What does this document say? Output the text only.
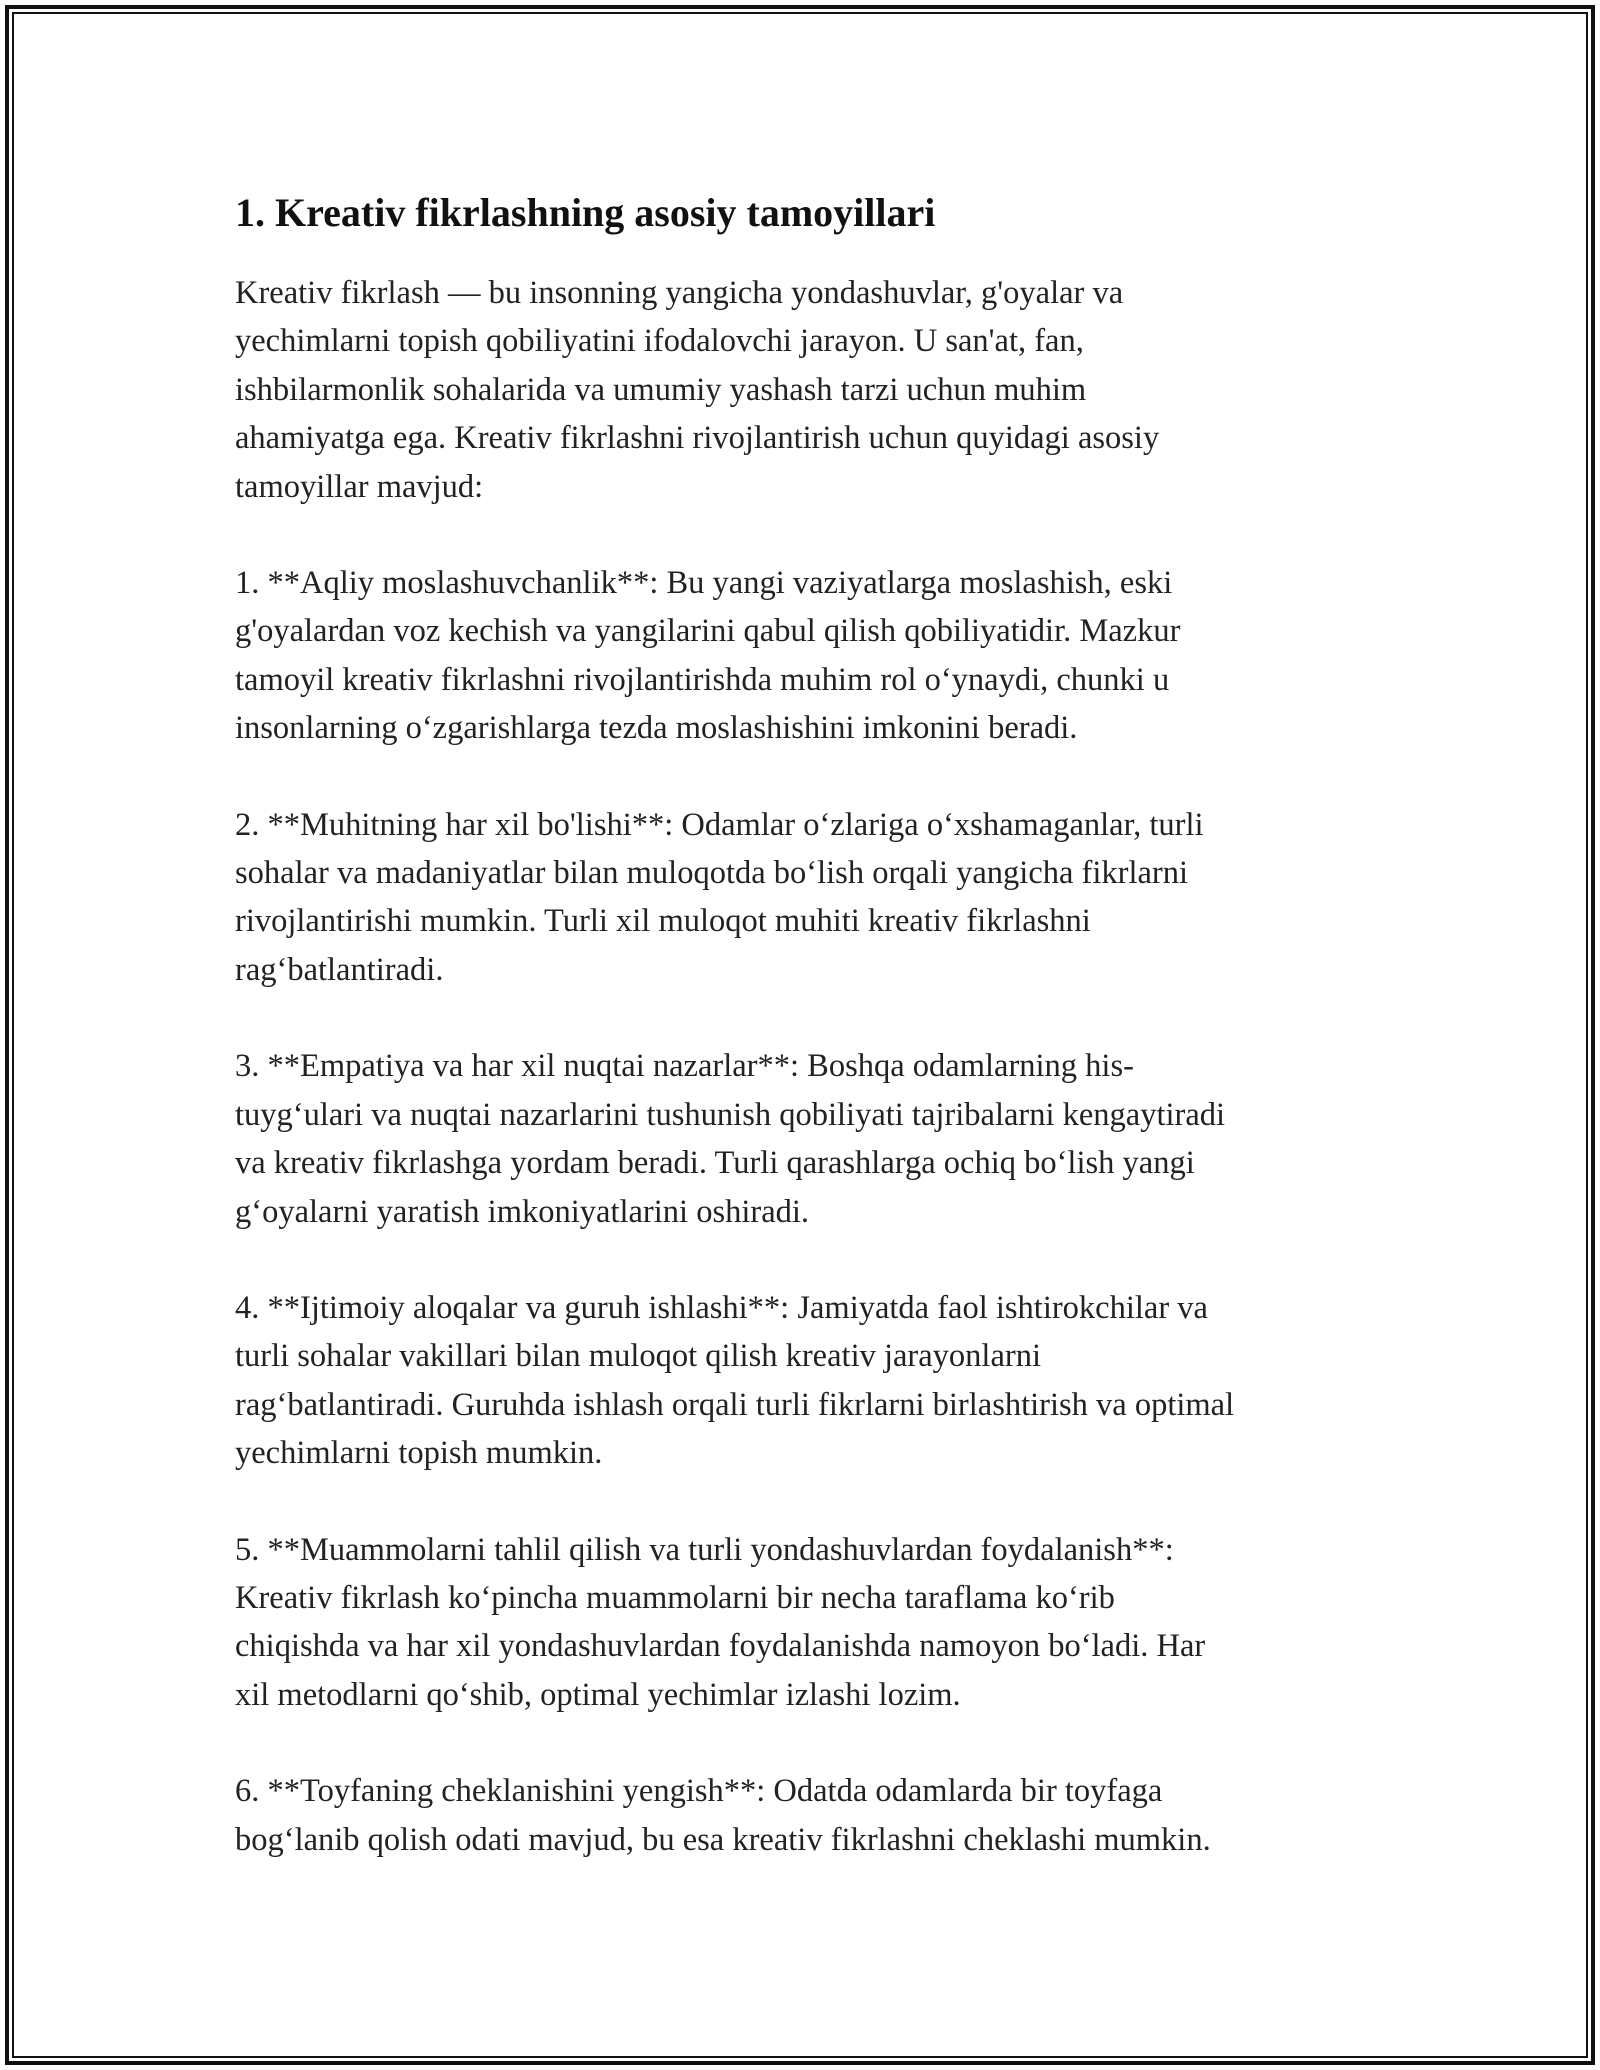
1. Kreativ fikrlashning asosiy tamoyillari

Kreativ fikrlash — bu insonning yangicha yondashuvlar, g'oyalar va
yechimlarni topish qobiliyatini ifodalovchi jarayon. U san'at, fan,
ishbilarmonlik sohalarida va umumiy yashash tarzi uchun muhim
ahamiyatga ega. Kreativ fikrlashni rivojlantirish uchun quyidagi asosiy
tamoyillar mavjud:

1. **Aqliy moslashuvchanlik**: Bu yangi vaziyatlarga moslashish, eski
g'oyalardan voz kechish va yangilarini qabul qilish qobiliyatidir. Mazkur
tamoyil kreativ fikrlashni rivojlantirishda muhim rol o‘ynaydi, chunki u
insonlarning o‘zgarishlarga tezda moslashishini imkonini beradi.

2. **Muhitning har xil bo'lishi**: Odamlar o‘zlariga o‘xshamaganlar, turli
sohalar va madaniyatlar bilan muloqotda bo‘lish orqali yangicha fikrlarni
rivojlantirishi mumkin. Turli xil muloqot muhiti kreativ fikrlashni
rag‘batlantiradi.

3. **Empatiya va har xil nuqtai nazarlar**: Boshqa odamlarning his-
tuyg‘ulari va nuqtai nazarlarini tushunish qobiliyati tajribalarni kengaytiradi
va kreativ fikrlashga yordam beradi. Turli qarashlarga ochiq bo‘lish yangi
g‘oyalarni yaratish imkoniyatlarini oshiradi.

4. **Ijtimoiy aloqalar va guruh ishlashi**: Jamiyatda faol ishtirokchilar va
turli sohalar vakillari bilan muloqot qilish kreativ jarayonlarni
rag‘batlantiradi. Guruhda ishlash orqali turli fikrlarni birlashtirish va optimal
yechimlarni topish mumkin.

5. **Muammolarni tahlil qilish va turli yondashuvlardan foydalanish**:
Kreativ fikrlash ko‘pincha muammolarni bir necha taraflama ko‘rib
chiqishda va har xil yondashuvlardan foydalanishda namoyon bo‘ladi. Har
xil metodlarni qo‘shib, optimal yechimlar izlashi lozim.

6. **Toyfaning cheklanishini yengish**: Odatda odamlarda bir toyfaga
bog‘lanib qolish odati mavjud, bu esa kreativ fikrlashni cheklashi mumkin.
